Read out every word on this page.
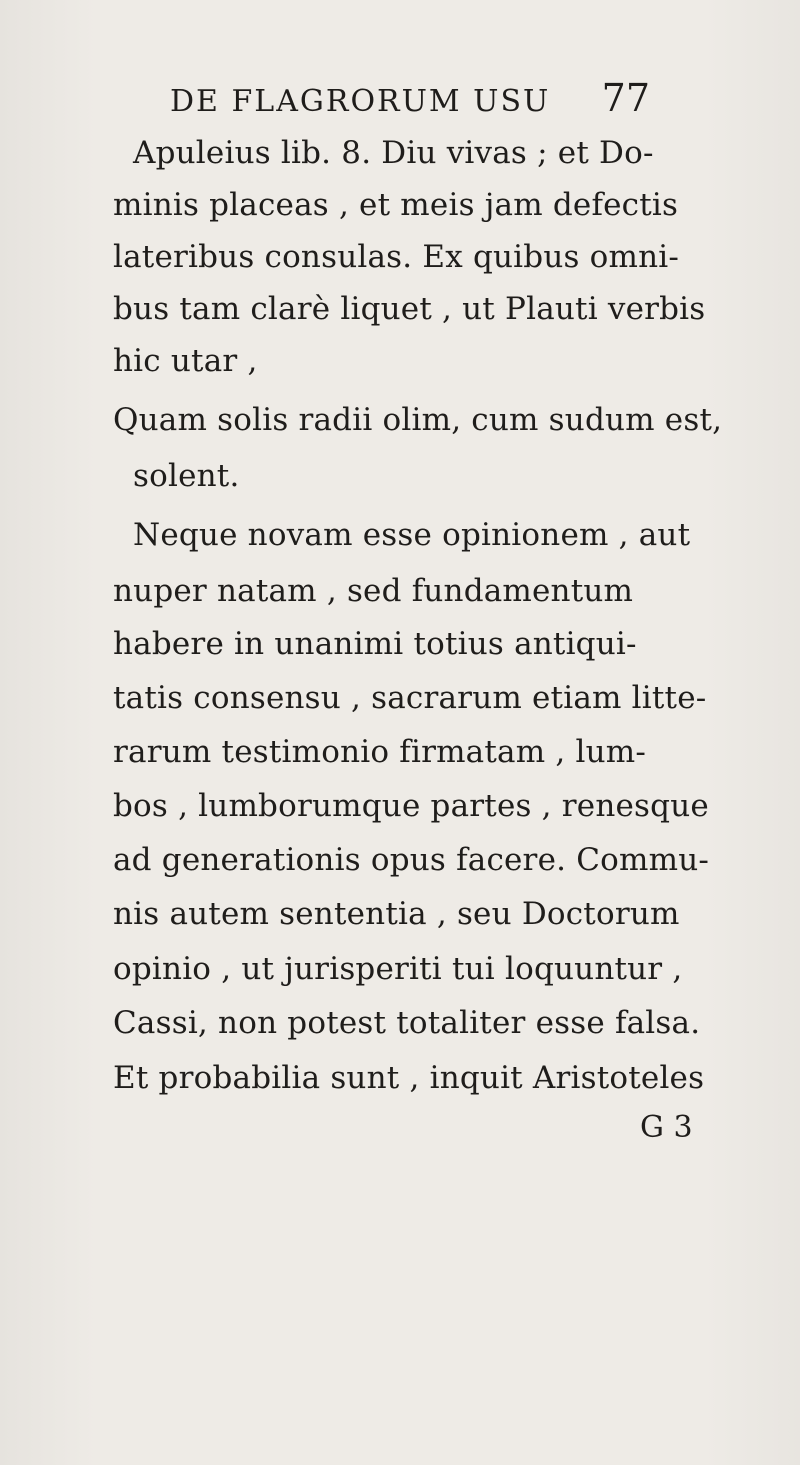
DE FLAGRORUM USU 77
Apuleius lib. 8. Diu vivas ; et Do-
minis placeas , et meis jam defectis
lateribus consulas. Ex quibus omni-
bus tam clarè liquet , ut Plauti verbis
hic utar ,
Quam solis radii olim, cum sudum est,
solent.
Neque novam esse opinionem , aut
nuper natam , sed fundamentum
habere in unanimi totius antiqui-
tatis consensu , sacrarum etiam litte-
rarum testimonio firmatam , lum-
bos , lumborumque partes , renesque
ad generationis opus facere. Commu-
nis autem sententia , seu Doctorum
opinio , ut jurisperiti tui loquuntur ,
Cassi, non potest totaliter esse falsa.
Et probabilia sunt , inquit Aristoteles
G 3
